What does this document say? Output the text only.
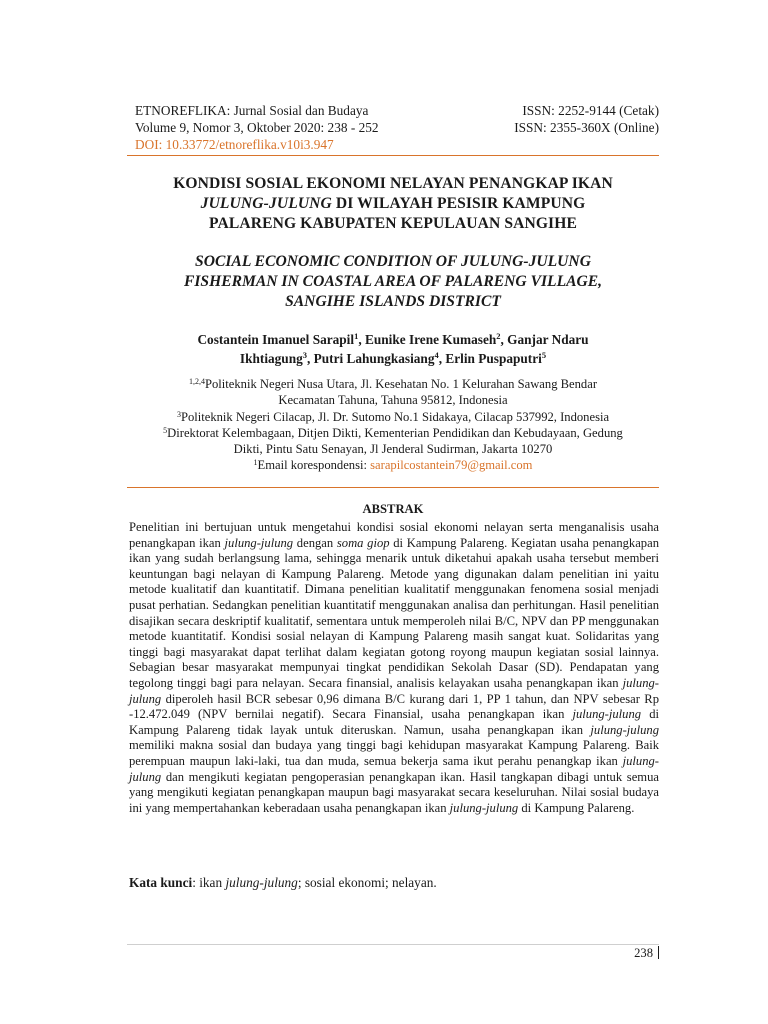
ETNOREFLIKA: Jurnal Sosial dan Budaya	ISSN: 2252-9144 (Cetak)
Volume 9, Nomor 3, Oktober 2020: 238 - 252	ISSN: 2355-360X (Online)
DOI: 10.33772/etnoreflika.v10i3.947
KONDISI SOSIAL EKONOMI NELAYAN PENANGKAP IKAN
JULUNG-JULUNG DI WILAYAH PESISIR KAMPUNG
PALARENG KABUPATEN KEPULAUAN SANGIHE
SOCIAL ECONOMIC CONDITION OF JULUNG-JULUNG
FISHERMAN IN COASTAL AREA OF PALARENG VILLAGE,
SANGIHE ISLANDS DISTRICT
Costantein Imanuel Sarapil$^1$, Eunike Irene Kumaseh$^2$, Ganjar Ndaru
Ikhtiagung$^3$, Putri Lahungkasiang$^4$, Erlin Puspaputri$^5$
$^{1,2,4}$Politeknik Negeri Nusa Utara, Jl. Kesehatan No. 1 Kelurahan Sawang Bendar
Kecamatan Tahuna, Tahuna 95812, Indonesia
$^3$Politeknik Negeri Cilacap, Jl. Dr. Sutomo No.1 Sidakaya, Cilacap 537992, Indonesia
$^5$Direktorat Kelembagaan, Ditjen Dikti, Kementerian Pendidikan dan Kebudayaan, Gedung
Dikti, Pintu Satu Senayan, Jl Jenderal Sudirman, Jakarta 10270
$^1$Email korespondensi: sarapilcostantein79@gmail.com
ABSTRAK
Penelitian ini bertujuan untuk mengetahui kondisi sosial ekonomi nelayan serta menganalisis usaha penangkapan ikan julung-julung dengan soma giop di Kampung Palareng. Kegiatan usaha penangkapan ikan yang sudah berlangsung lama, sehingga menarik untuk diketahui apakah usaha tersebut memberi keuntungan bagi nelayan di Kampung Palareng. Metode yang digunakan dalam penelitian ini yaitu metode kualitatif dan kuantitatif. Dimana penelitian kualitatif menggunakan fenomena sosial menjadi pusat perhatian. Sedangkan penelitian kuantitatif menggunakan analisa dan perhitungan. Hasil penelitian disajikan secara deskriptif kualitatif, sementara untuk memperoleh nilai B/C, NPV dan PP menggunakan metode kuantitatif. Kondisi sosial nelayan di Kampung Palareng masih sangat kuat. Solidaritas yang tinggi bagi masyarakat dapat terlihat dalam kegiatan gotong royong maupun kegiatan sosial lainnya. Sebagian besar masyarakat mempunyai tingkat pendidikan Sekolah Dasar (SD). Pendapatan yang tegolong tinggi bagi para nelayan. Secara finansial, analisis kelayakan usaha penangkapan ikan julung-julung diperoleh hasil BCR sebesar 0,96 dimana B/C kurang dari 1, PP 1 tahun, dan NPV sebesar Rp -12.472.049 (NPV bernilai negatif). Secara Finansial, usaha penangkapan ikan julung-julung di Kampung Palareng tidak layak untuk diteruskan. Namun, usaha penangkapan ikan julung-julung memiliki makna sosial dan budaya yang tinggi bagi kehidupan masyarakat Kampung Palareng. Baik perempuan maupun laki-laki, tua dan muda, semua bekerja sama ikut perahu penangkap ikan julung-julung dan mengikuti kegiatan pengoperasian penangkapan ikan. Hasil tangkapan dibagi untuk semua yang mengikuti kegiatan penangkapan maupun bagi masyarakat secara keseluruhan. Nilai sosial budaya ini yang mempertahankan keberadaan usaha penangkapan ikan julung-julung di Kampung Palareng.
Kata kunci: ikan julung-julung; sosial ekonomi; nelayan.
238
